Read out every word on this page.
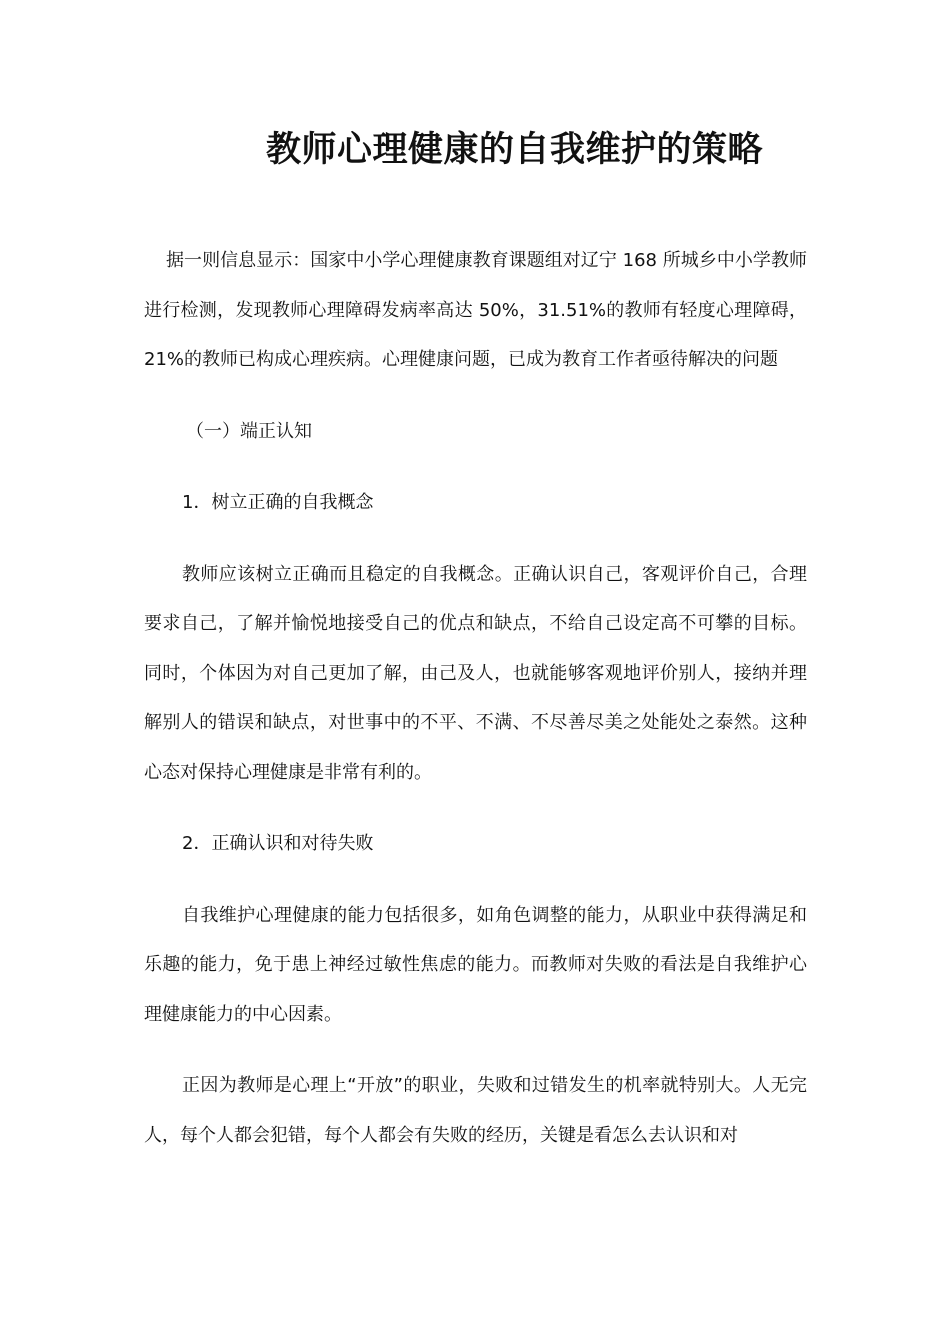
教师心理健康的自我维护的策略

据一则信息显示：国家中小学心理健康教育课题组对辽宁 168 所城乡中小学教师进行检测，发现教师心理障碍发病率高达 50%，31.51%的教师有轻度心理障碍，21%的教师已构成心理疾病。心理健康问题，已成为教育工作者亟待解决的问题

（一）端正认知

1．树立正确的自我概念

教师应该树立正确而且稳定的自我概念。正确认识自己，客观评价自己，合理要求自己，了解并愉悦地接受自己的优点和缺点，不给自己设定高不可攀的目标。同时，个体因为对自己更加了解，由己及人，也就能够客观地评价别人，接纳并理解别人的错误和缺点，对世事中的不平、不满、不尽善尽美之处能处之泰然。这种心态对保持心理健康是非常有利的。

2．正确认识和对待失败

自我维护心理健康的能力包括很多，如角色调整的能力，从职业中获得满足和乐趣的能力，免于患上神经过敏性焦虑的能力。而教师对失败的看法是自我维护心理健康能力的中心因素。

正因为教师是心理上“开放”的职业，失败和过错发生的机率就特别大。人无完人，每个人都会犯错，每个人都会有失败的经历，关键是看怎么去认识和对
